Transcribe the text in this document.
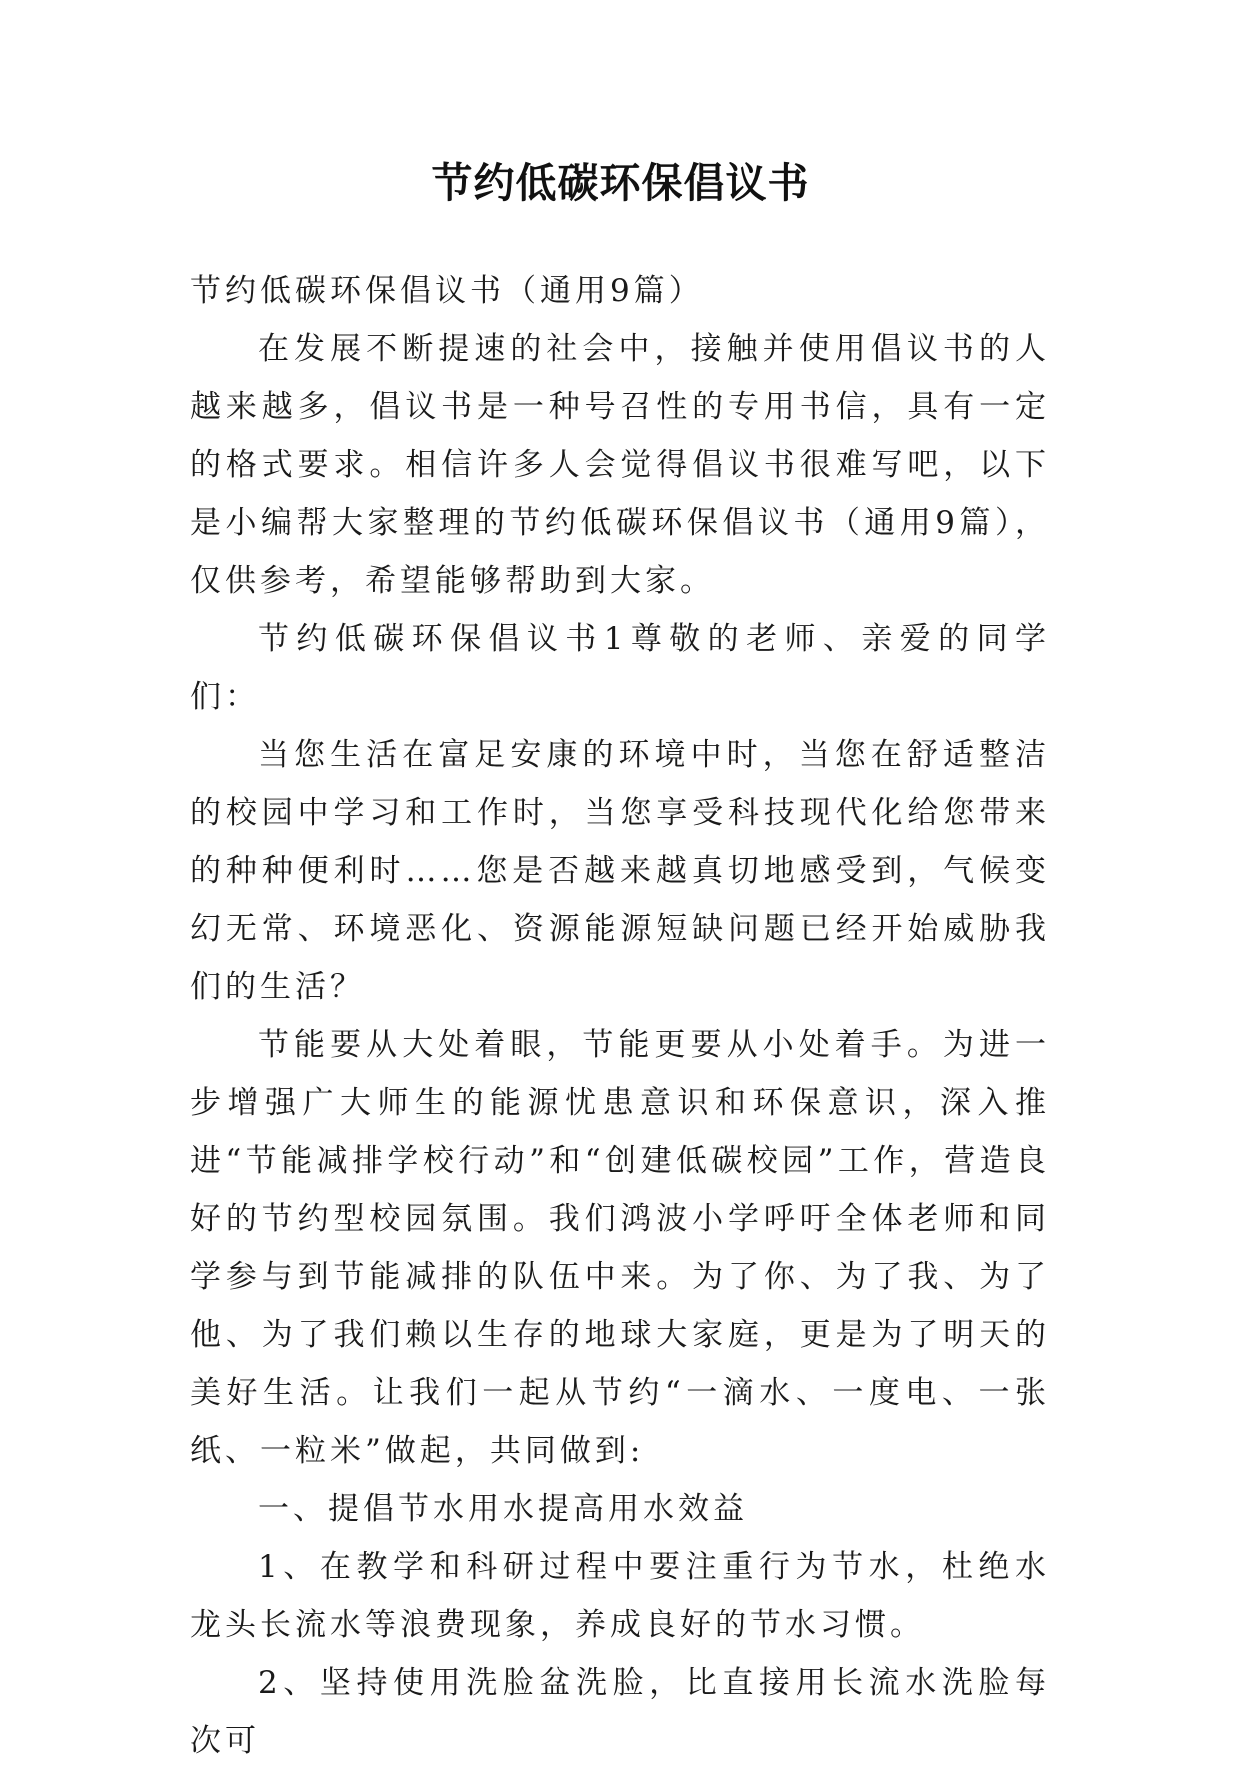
节约低碳环保倡议书

节约低碳环保倡议书（通用9篇）

在发展不断提速的社会中，接触并使用倡议书的人越来越多，倡议书是一种号召性的专用书信，具有一定的格式要求。相信许多人会觉得倡议书很难写吧，以下是小编帮大家整理的节约低碳环保倡议书（通用9篇），仅供参考，希望能够帮助到大家。

节约低碳环保倡议书1尊敬的老师、亲爱的同学们：

当您生活在富足安康的环境中时，当您在舒适整洁的校园中学习和工作时，当您享受科技现代化给您带来的种种便利时……您是否越来越真切地感受到，气候变幻无常、环境恶化、资源能源短缺问题已经开始威胁我们的生活？

节能要从大处着眼，节能更要从小处着手。为进一步增强广大师生的能源忧患意识和环保意识，深入推进“节能减排学校行动”和“创建低碳校园”工作，营造良好的节约型校园氛围。我们鸿波小学呼吁全体老师和同学参与到节能减排的队伍中来。为了你、为了我、为了他、为了我们赖以生存的地球大家庭，更是为了明天的美好生活。让我们一起从节约“一滴水、一度电、一张纸、一粒米”做起，共同做到:

一、提倡节水用水提高用水效益

1、在教学和科研过程中要注重行为节水，杜绝水龙头长流水等浪费现象，养成良好的节水习惯。

2、坚持使用洗脸盆洗脸，比直接用长流水洗脸每次可
